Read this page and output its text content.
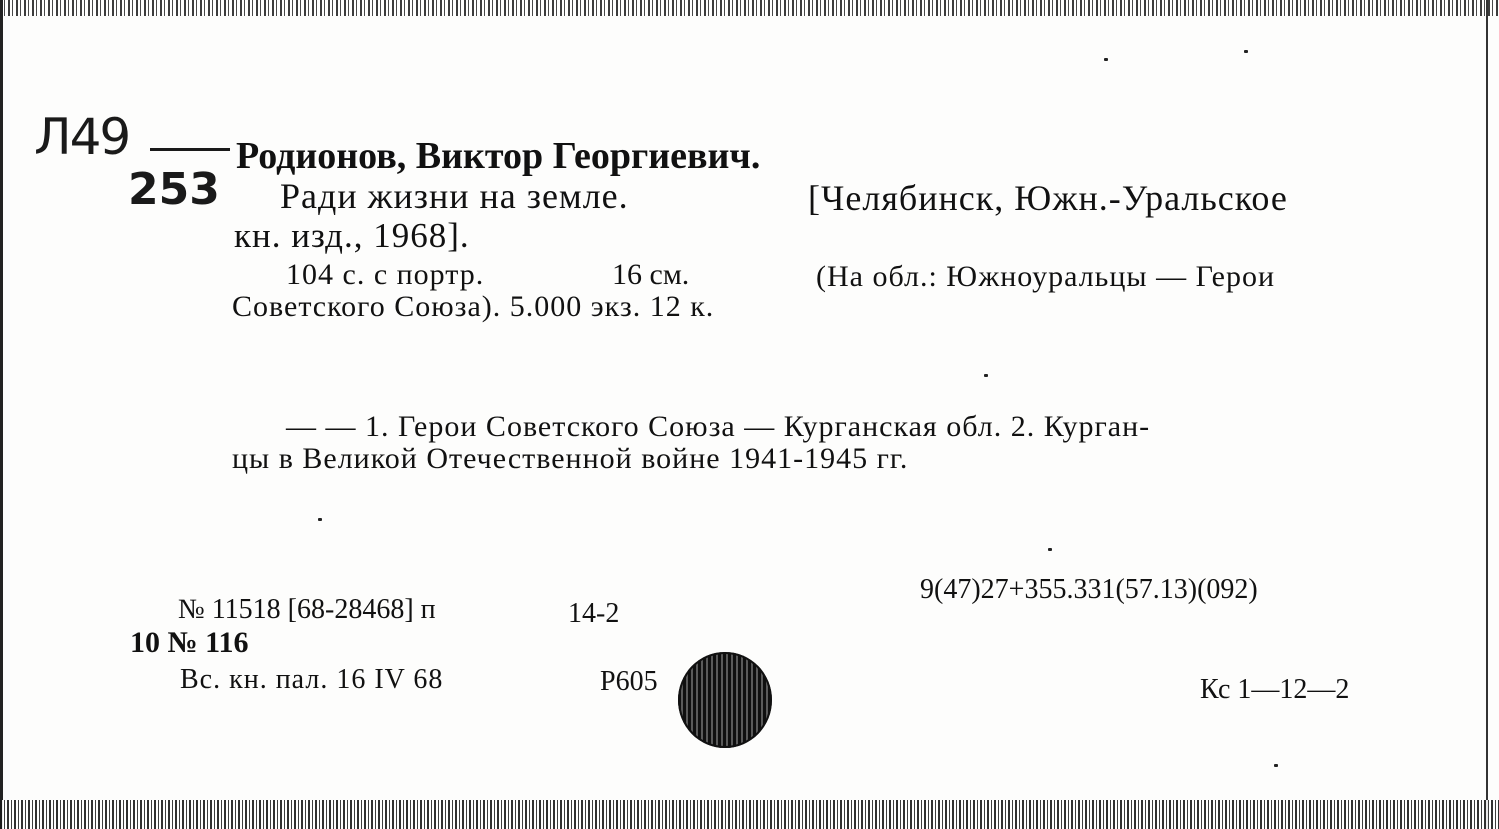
Л49
253
Родионов, Виктор Георгиевич.
Ради жизни на земле.	[Челябинск, Южн.-Уральское
кн. изд., 1968].
104 с. с портр.	16 см.	(На обл.: Южноуральцы — Герои
Советского Союза). 5.000 экз. 12 к.
— — 1. Герои Советского Союза — Курганская обл. 2. Курган-
цы в Великой Отечественной войне 1941-1945 гг.
9(47)27+355.331(57.13)(092)
№ 11518 [68-28468] п	14-2
10 № 116
Вс. кн. пал. 16 IV 68	Р605	Кс 1—12—2
